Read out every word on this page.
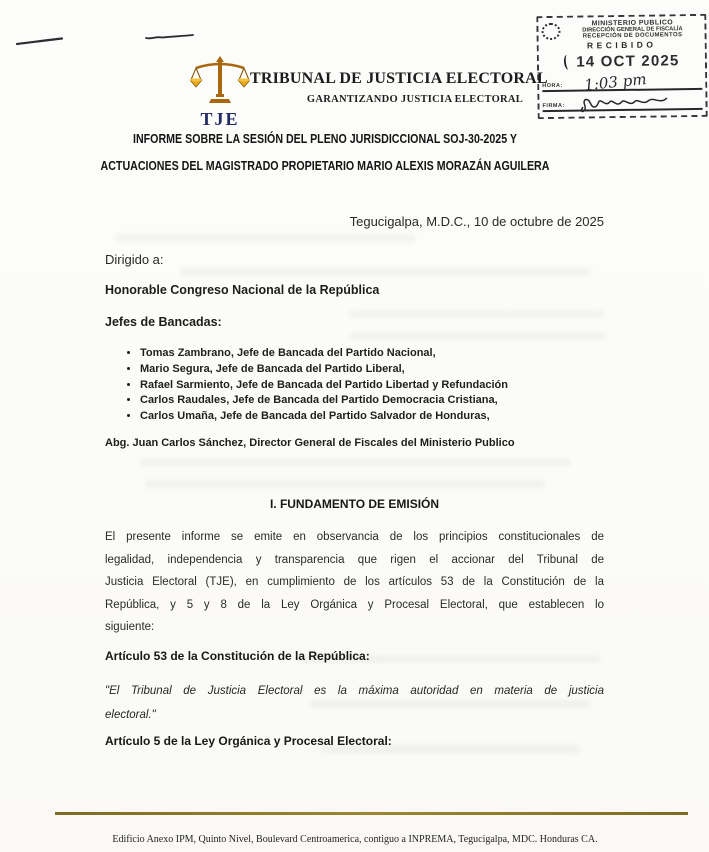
TJE
TRIBUNAL DE JUSTICIA ELECTORAL
GARANTIZANDO JUSTICIA ELECTORAL
MINISTERIO PUBLICO
DIRECCIÓN GENERAL DE FISCALÍA
RECEPCIÓN DE DOCUMENTOS
RECIBIDO
14 OCT 2025
HORA: 1:03 pm
FIRMA:
INFORME SOBRE LA SESIÓN DEL PLENO JURISDICCIONAL SOJ-30-2025 Y
ACTUACIONES DEL MAGISTRADO PROPIETARIO MARIO ALEXIS MORAZÁN AGUILERA
Tegucigalpa, M.D.C., 10 de octubre de 2025
Dirigido a:
Honorable Congreso Nacional de la República
Jefes de Bancadas:
• Tomas Zambrano, Jefe de Bancada del Partido Nacional,
• Mario Segura, Jefe de Bancada del Partido Liberal,
• Rafael Sarmiento, Jefe de Bancada del Partido Libertad y Refundación
• Carlos Raudales, Jefe de Bancada del Partido Democracia Cristiana,
• Carlos Umaña, Jefe de Bancada del Partido Salvador de Honduras,
Abg. Juan Carlos Sánchez, Director General de Fiscales del Ministerio Publico
I. FUNDAMENTO DE EMISIÓN
El presente informe se emite en observancia de los principios constitucionales de
legalidad, independencia y transparencia que rigen el accionar del Tribunal de
Justicia Electoral (TJE), en cumplimiento de los artículos 53 de la Constitución de la
República, y 5 y 8 de la Ley Orgánica y Procesal Electoral, que establecen lo
siguiente:
Artículo 53 de la Constitución de la República:
"El Tribunal de Justicia Electoral es la máxima autoridad en materia de justicia
electoral."
Artículo 5 de la Ley Orgánica y Procesal Electoral:
Edificio Anexo IPM, Quinto Nivel, Boulevard Centroamerica, contiguo a INPREMA, Tegucigalpa, MDC. Honduras CA.
